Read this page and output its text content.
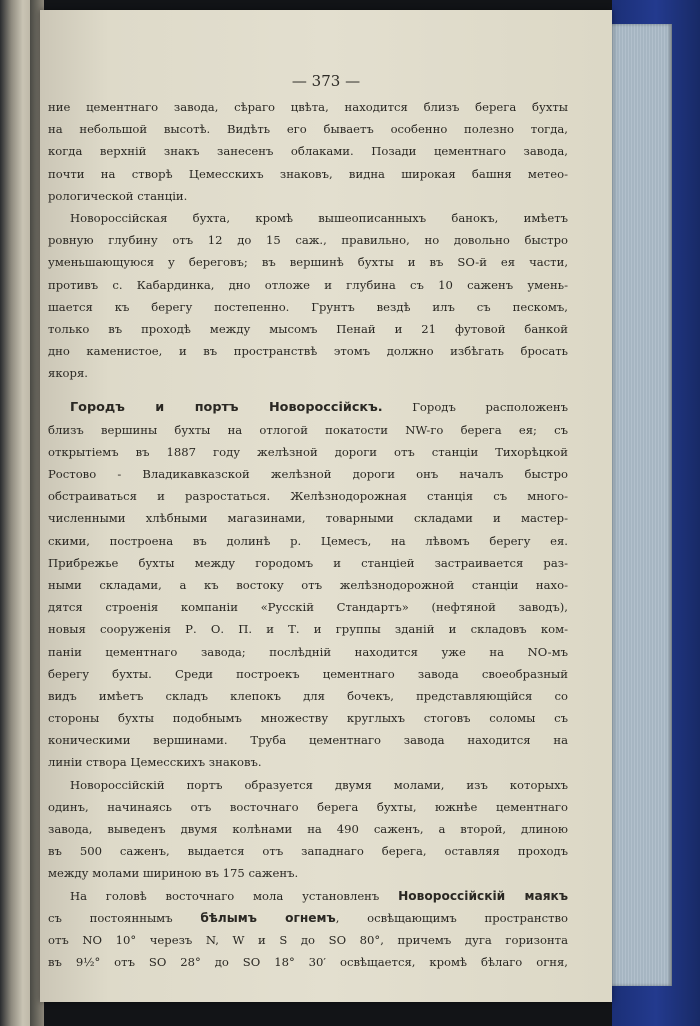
— 373 —
ние цементнаго завода, сѣраго цвѣта, находится близъ берега бухты
на небольшой высотѣ. Видѣть его бываетъ особенно полезно тогда,
когда верхній знакъ занесенъ облаками. Позади цементнаго завода,
почти на створѣ Цемесскихъ знаковъ, видна широкая башня метео-
рологической станціи.
Новороссійская бухта, кромѣ вышеописанныхъ банокъ, имѣетъ
ровную глубину отъ 12 до 15 саж., правильно, но довольно быстро
уменьшающуюся у береговъ; въ вершинѣ бухты и въ SO-й ея части,
противъ с. Кабардинка, дно отложе и глубина съ 10 саженъ умень-
шается къ берегу постепенно. Грунтъ вездѣ илъ съ пескомъ,
только въ проходѣ между мысомъ Пенай и 21 футовой банкой
дно каменистое, и въ пространствѣ этомъ должно избѣгать бросать
якоря.
Городъ и портъ Новороссійскъ.	Городъ расположенъ
близъ вершины бухты на отлогой покатости NW-го берега ея; съ
открытіемъ въ 1887 году желѣзной дороги отъ станціи Тихорѣцкой
Ростово - Владикавказской желѣзной дороги онъ началъ быстро
обстраиваться и разростаться. Желѣзнодорожная станція съ много-
численными хлѣбными магазинами, товарными складами и мастер-
скими, построена въ долинѣ р. Цемесъ, на лѣвомъ берегу ея.
Прибрежье бухты между городомъ и станціей застраивается раз-
ными складами, а къ востоку отъ желѣзнодорожной станціи нахо-
дятся строенія компаніи «Русскій Стандартъ» (нефтяной заводъ),
новыя сооруженія Р. О. П. и Т. и группы зданій и складовъ ком-
паніи цементнаго завода; послѣдній находится уже на NO-мъ
берегу бухты. Среди построекъ цементнаго завода своеобразный
видъ имѣетъ складъ клепокъ для бочекъ, представляющійся со
стороны бухты подобнымъ множеству круглыхъ стоговъ соломы съ
коническими вершинами. Труба цементнаго завода находится на
линіи створа Цемесскихъ знаковъ.
Новороссійскій портъ образуется двумя молами, изъ которыхъ
одинъ, начинаясь отъ восточнаго берега бухты, южнѣе цементнаго
завода, выведенъ двумя колѣнами на 490 саженъ, а второй, длиною
въ 500 саженъ, выдается отъ западнаго берега, оставляя проходъ
между молами шириною въ 175 саженъ.
На головѣ восточнаго мола установленъ Новороссійскій маякъ
съ постояннымъ бѣлымъ огнемъ, освѣщающимъ пространство
отъ NO 10° черезъ N, W и S до SO 80°, причемъ дуга горизонта
въ 9½° отъ SO 28° до SO 18° 30′ освѣщается, кромѣ бѣлаго огня,
